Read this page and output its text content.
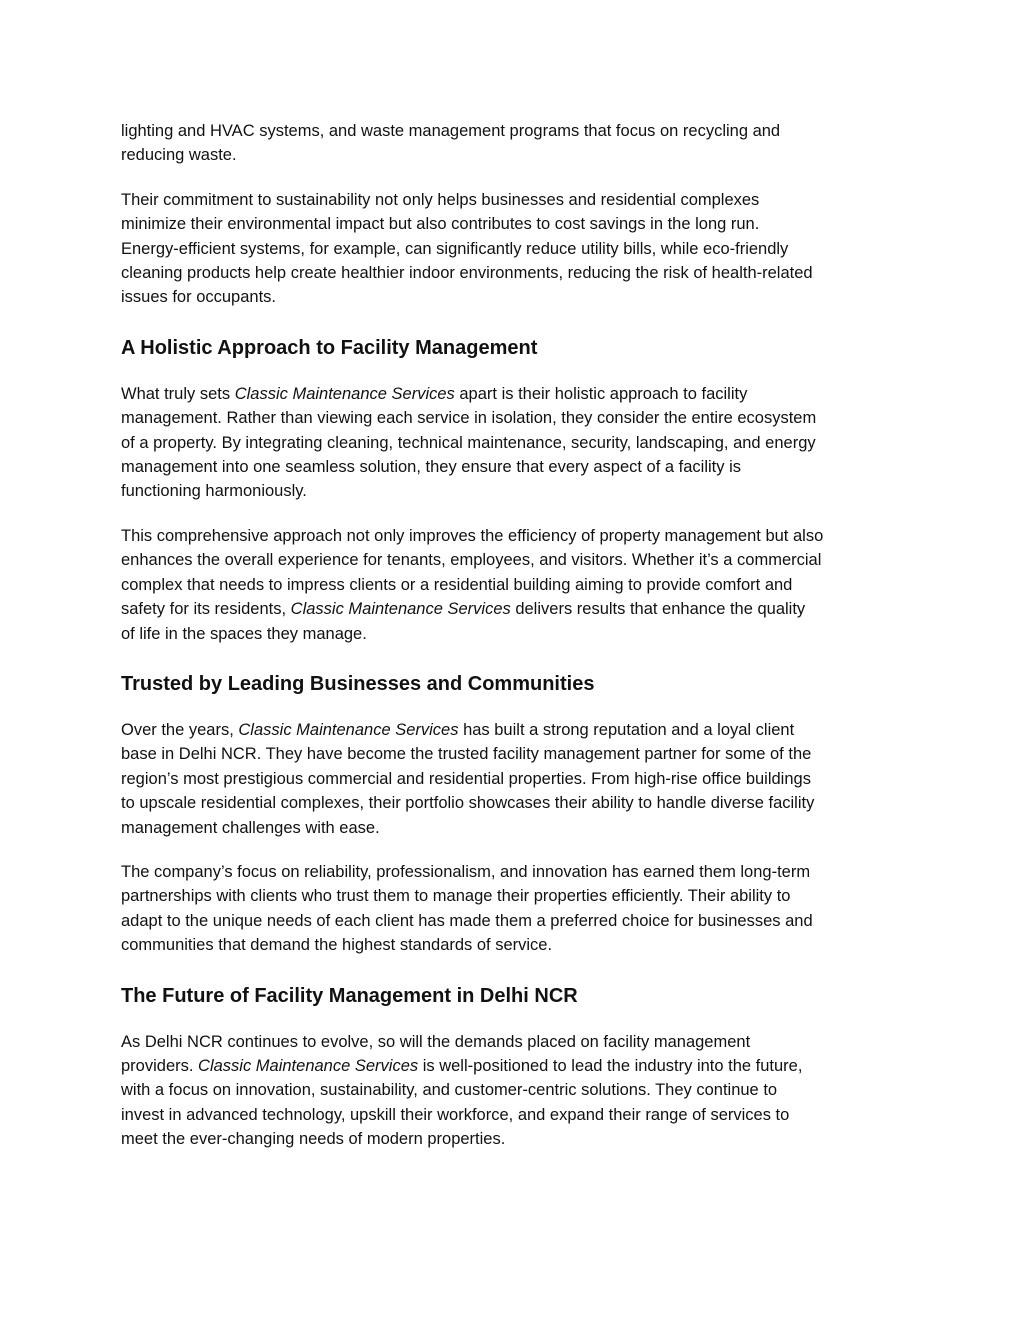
lighting and HVAC systems, and waste management programs that focus on recycling and
reducing waste.

Their commitment to sustainability not only helps businesses and residential complexes
minimize their environmental impact but also contributes to cost savings in the long run.
Energy-efficient systems, for example, can significantly reduce utility bills, while eco-friendly
cleaning products help create healthier indoor environments, reducing the risk of health-related
issues for occupants.

A Holistic Approach to Facility Management

What truly sets Classic Maintenance Services apart is their holistic approach to facility
management. Rather than viewing each service in isolation, they consider the entire ecosystem
of a property. By integrating cleaning, technical maintenance, security, landscaping, and energy
management into one seamless solution, they ensure that every aspect of a facility is
functioning harmoniously.

This comprehensive approach not only improves the efficiency of property management but also
enhances the overall experience for tenants, employees, and visitors. Whether it’s a commercial
complex that needs to impress clients or a residential building aiming to provide comfort and
safety for its residents, Classic Maintenance Services delivers results that enhance the quality
of life in the spaces they manage.

Trusted by Leading Businesses and Communities

Over the years, Classic Maintenance Services has built a strong reputation and a loyal client
base in Delhi NCR. They have become the trusted facility management partner for some of the
region’s most prestigious commercial and residential properties. From high-rise office buildings
to upscale residential complexes, their portfolio showcases their ability to handle diverse facility
management challenges with ease.

The company’s focus on reliability, professionalism, and innovation has earned them long-term
partnerships with clients who trust them to manage their properties efficiently. Their ability to
adapt to the unique needs of each client has made them a preferred choice for businesses and
communities that demand the highest standards of service.

The Future of Facility Management in Delhi NCR

As Delhi NCR continues to evolve, so will the demands placed on facility management
providers. Classic Maintenance Services is well-positioned to lead the industry into the future,
with a focus on innovation, sustainability, and customer-centric solutions. They continue to
invest in advanced technology, upskill their workforce, and expand their range of services to
meet the ever-changing needs of modern properties.
